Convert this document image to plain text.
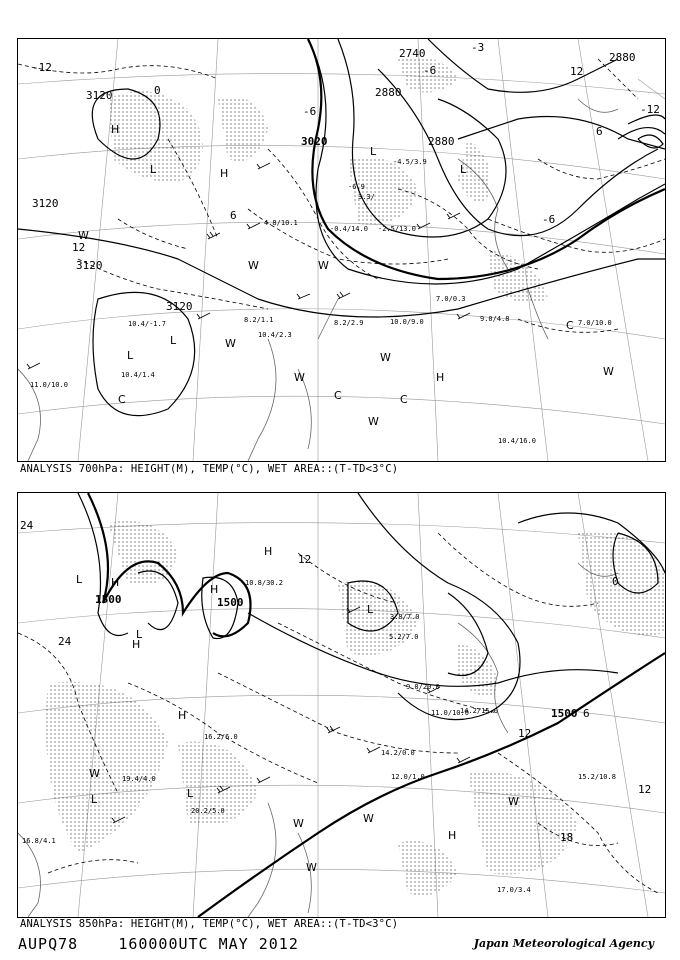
3120
3120
3120
3120
3020
2880
2880
2740	2880
-12
12
-6
-3
-12
6
-6
0
6
12
-6
H
L	H
L
L
L
C
W
W
W
C
W
H
C
W
W
C
L
W	W
10.4/-1.7
10.4/1.4
11.0/10.0
8.2/1.1
10.4/2.3
8.2/2.9	10.0/9.0
7.0/0.3
9.0/4.8	7.0/10.0
10.4/16.0
4.8/10.1
-0.4/14.0 -2.5/13.0
3.3/
-6.9
-4.5/3.9
ANALYSIS 700hPa: HEIGHT(M), TEMP(°C), WET AREA::(T-TD<3°C)
1500	1500
1500
24
0
24
12
12
6
18
12
L	H
H
L
H
H
L	L
W
W	W
H
W
H
W
L
19.4/4.0
16.8/4.1
20.2/5.0
16.2/6.0
14.2/0.0
12.0/1.0
17.0/3.4
15.2/10.8
10.8/30.2
5.2/7.0
3.8/7.0
9.0/20.0
11.0/10.0
14.2/15.0
ANALYSIS 850hPa: HEIGHT(M), TEMP(°C), WET AREA::(T-TD<3°C)
AUPQ78	160000UTC MAY 2012	Japan Meteorological Agency
